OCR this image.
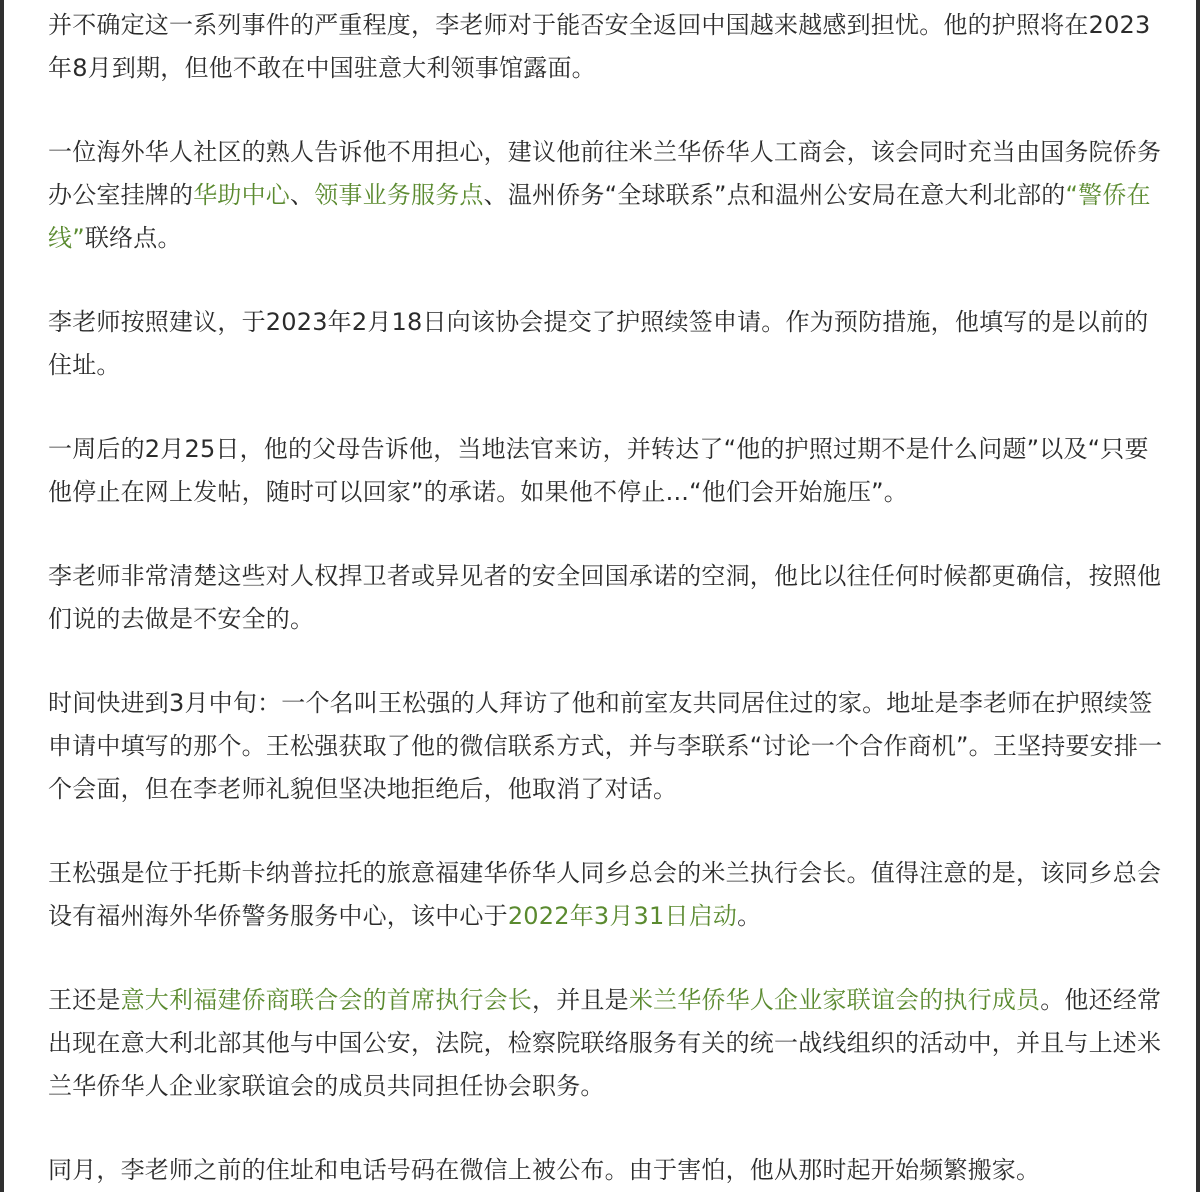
并不确定这一系列事件的严重程度，李老师对于能否安全返回中国越来越感到担忧。他的护照将在2023年8月到期，但他不敢在中国驻意大利领事馆露面。

一位海外华人社区的熟人告诉他不用担心，建议他前往米兰华侨华人工商会，该会同时充当由国务院侨务办公室挂牌的华助中心、领事业务服务点、温州侨务“全球联系”点和温州公安局在意大利北部的“警侨在线”联络点。

李老师按照建议，于2023年2月18日向该协会提交了护照续签申请。作为预防措施，他填写的是以前的住址。

一周后的2月25日，他的父母告诉他，当地法官来访，并转达了“他的护照过期不是什么问题”以及“只要他停止在网上发帖，随时可以回家”的承诺。如果他不停止...“他们会开始施压”。

李老师非常清楚这些对人权捍卫者或异见者的安全回国承诺的空洞，他比以往任何时候都更确信，按照他们说的去做是不安全的。

时间快进到3月中旬：一个名叫王松强的人拜访了他和前室友共同居住过的家。地址是李老师在护照续签申请中填写的那个。王松强获取了他的微信联系方式，并与李联系“讨论一个合作商机”。王坚持要安排一个会面，但在李老师礼貌但坚决地拒绝后，他取消了对话。

王松强是位于托斯卡纳普拉托的旅意福建华侨华人同乡总会的米兰执行会长。值得注意的是，该同乡总会设有福州海外华侨警务服务中心，该中心于2022年3月31日启动。

王还是意大利福建侨商联合会的首席执行会长，并且是米兰华侨华人企业家联谊会的执行成员。他还经常出现在意大利北部其他与中国公安，法院，检察院联络服务有关的统一战线组织的活动中，并且与上述米兰华侨华人企业家联谊会的成员共同担任协会职务。

同月，李老师之前的住址和电话号码在微信上被公布。由于害怕，他从那时起开始频繁搬家。
